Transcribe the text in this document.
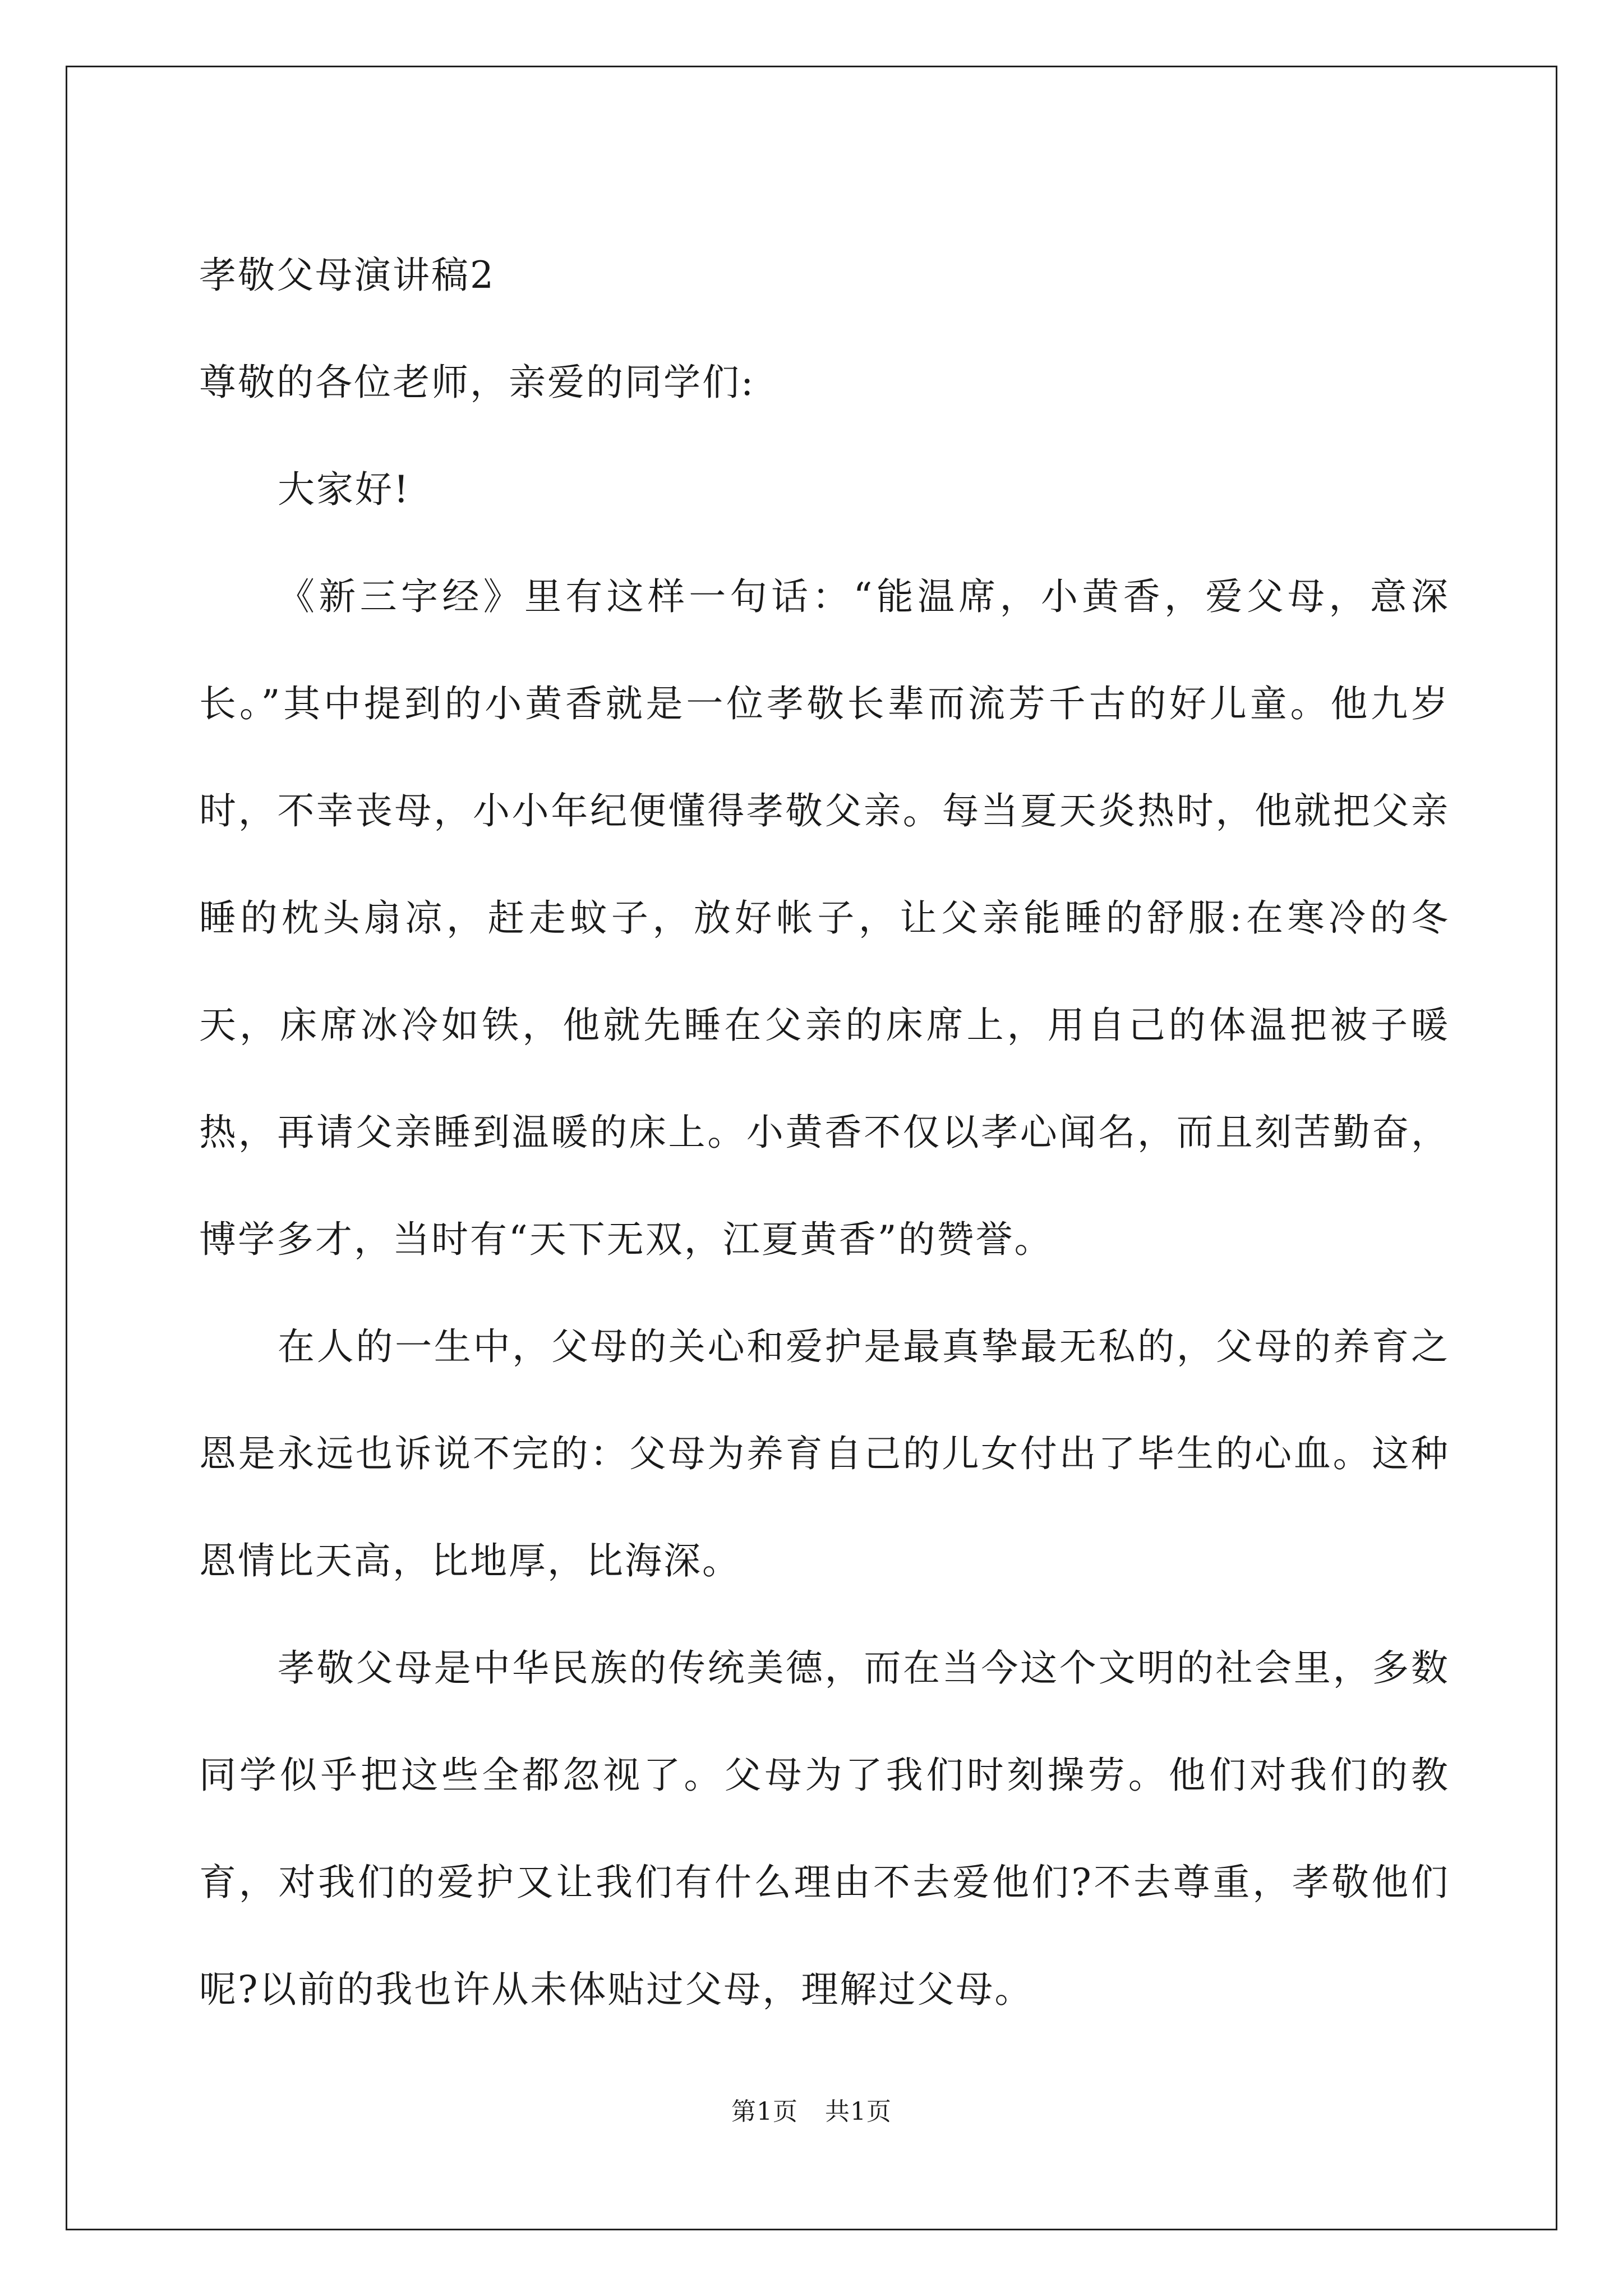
孝敬父母演讲稿2

尊敬的各位老师，亲爱的同学们:

大家好!

《新三字经》里有这样一句话：“能温席，小黄香，爱父母，意深长。”其中提到的小黄香就是一位孝敬长辈而流芳千古的好儿童。他九岁时，不幸丧母，小小年纪便懂得孝敬父亲。每当夏天炎热时，他就把父亲睡的枕头扇凉，赶走蚊子，放好帐子，让父亲能睡的舒服:在寒冷的冬天，床席冰冷如铁，他就先睡在父亲的床席上，用自己的体温把被子暖热，再请父亲睡到温暖的床上。小黄香不仅以孝心闻名，而且刻苦勤奋，博学多才，当时有“天下无双，江夏黄香”的赞誉。

在人的一生中，父母的关心和爱护是最真挚最无私的，父母的养育之恩是永远也诉说不完的：父母为养育自己的儿女付出了毕生的心血。这种恩情比天高，比地厚，比海深。

孝敬父母是中华民族的传统美德，而在当今这个文明的社会里，多数同学似乎把这些全都忽视了。父母为了我们时刻操劳。他们对我们的教育，对我们的爱护又让我们有什么理由不去爱他们?不去尊重，孝敬他们呢?以前的我也许从未体贴过父母，理解过父母。

第1页 共1页
